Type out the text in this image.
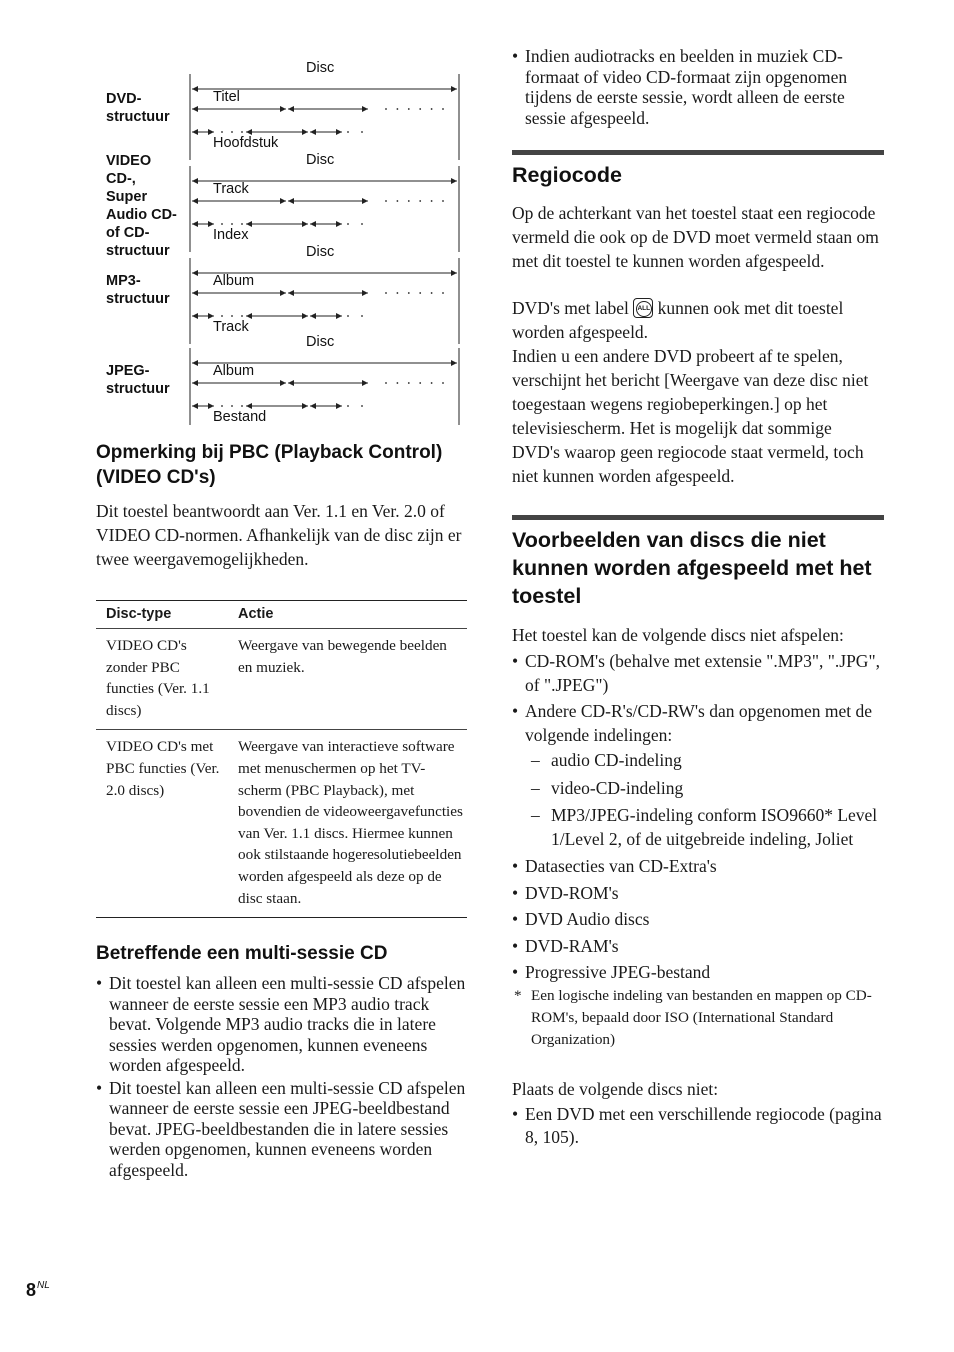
DVD-
structuur
Disc
Titel
Hoofdstuk
VIDEO
CD-,
Super
Audio CD-
of CD-
structuur
Disc
Track
Index
MP3-
structuur
Disc
Album
Track
JPEG-
structuur
Disc
Album
Bestand
Opmerking bij PBC (Playback Control) (VIDEO CD's)

Dit toestel beantwoordt aan Ver. 1.1 en Ver. 2.0 of VIDEO CD-normen. Afhankelijk van de disc zijn er twee weergavemogelijkheden.

Disc-type	Actie
VIDEO CD's zonder PBC functies (Ver. 1.1 discs)	Weergave van bewegende beelden en muziek.
VIDEO CD's met PBC functies (Ver. 2.0 discs)	Weergave van interactieve software met menuschermen op het TV-scherm (PBC Playback), met bovendien de videoweergavefuncties van Ver. 1.1 discs. Hiermee kunnen ook stilstaande hogeresolutiebeelden worden afgespeeld als deze op de disc staan.
Betreffende een multi-sessie CD
• Dit toestel kan alleen een multi-sessie CD afspelen wanneer de eerste sessie een MP3 audio track bevat. Volgende MP3 audio tracks die in latere sessies werden opgenomen, kunnen eveneens worden afgespeeld.
• Dit toestel kan alleen een multi-sessie CD afspelen wanneer de eerste sessie een JPEG-beeldbestand bevat. JPEG-beeldbestanden die in latere sessies werden opgenomen, kunnen eveneens worden afgespeeld.
• Indien audiotracks en beelden in muziek CD-formaat of video CD-formaat zijn opgenomen tijdens de eerste sessie, wordt alleen de eerste sessie afgespeeld.
Regiocode

Op de achterkant van het toestel staat een regiocode vermeld die ook op de DVD moet vermeld staan om met dit toestel te kunnen worden afgespeeld.

DVD's met label ALL kunnen ook met dit toestel worden afgespeeld.

Indien u een andere DVD probeert af te spelen, verschijnt het bericht [Weergave van deze disc niet toegestaan wegens regiobeperkingen.] op het televisiescherm. Het is mogelijk dat sommige DVD's waarop geen regiocode staat vermeld, toch niet kunnen worden afgespeeld.

Voorbeelden van discs die niet kunnen worden afgespeeld met het toestel

Het toestel kan de volgende discs niet afspelen:

• CD-ROM's (behalve met extensie ".MP3", ".JPG", of ".JPEG")
• Andere CD-R's/CD-RW's dan opgenomen met de volgende indelingen:
– audio CD-indeling
– video-CD-indeling
– MP3/JPEG-indeling conform ISO9660* Level 1/Level 2, of de uitgebreide indeling, Joliet
• Datasecties van CD-Extra's
• DVD-ROM's
• DVD Audio discs
• DVD-RAM's
• Progressive JPEG-bestand
* Een logische indeling van bestanden en mappen op CD-ROM's, bepaald door ISO (International Standard Organization)

Plaats de volgende discs niet:

• Een DVD met een verschillende regiocode (pagina 8, 105).
$8^{NL}$
